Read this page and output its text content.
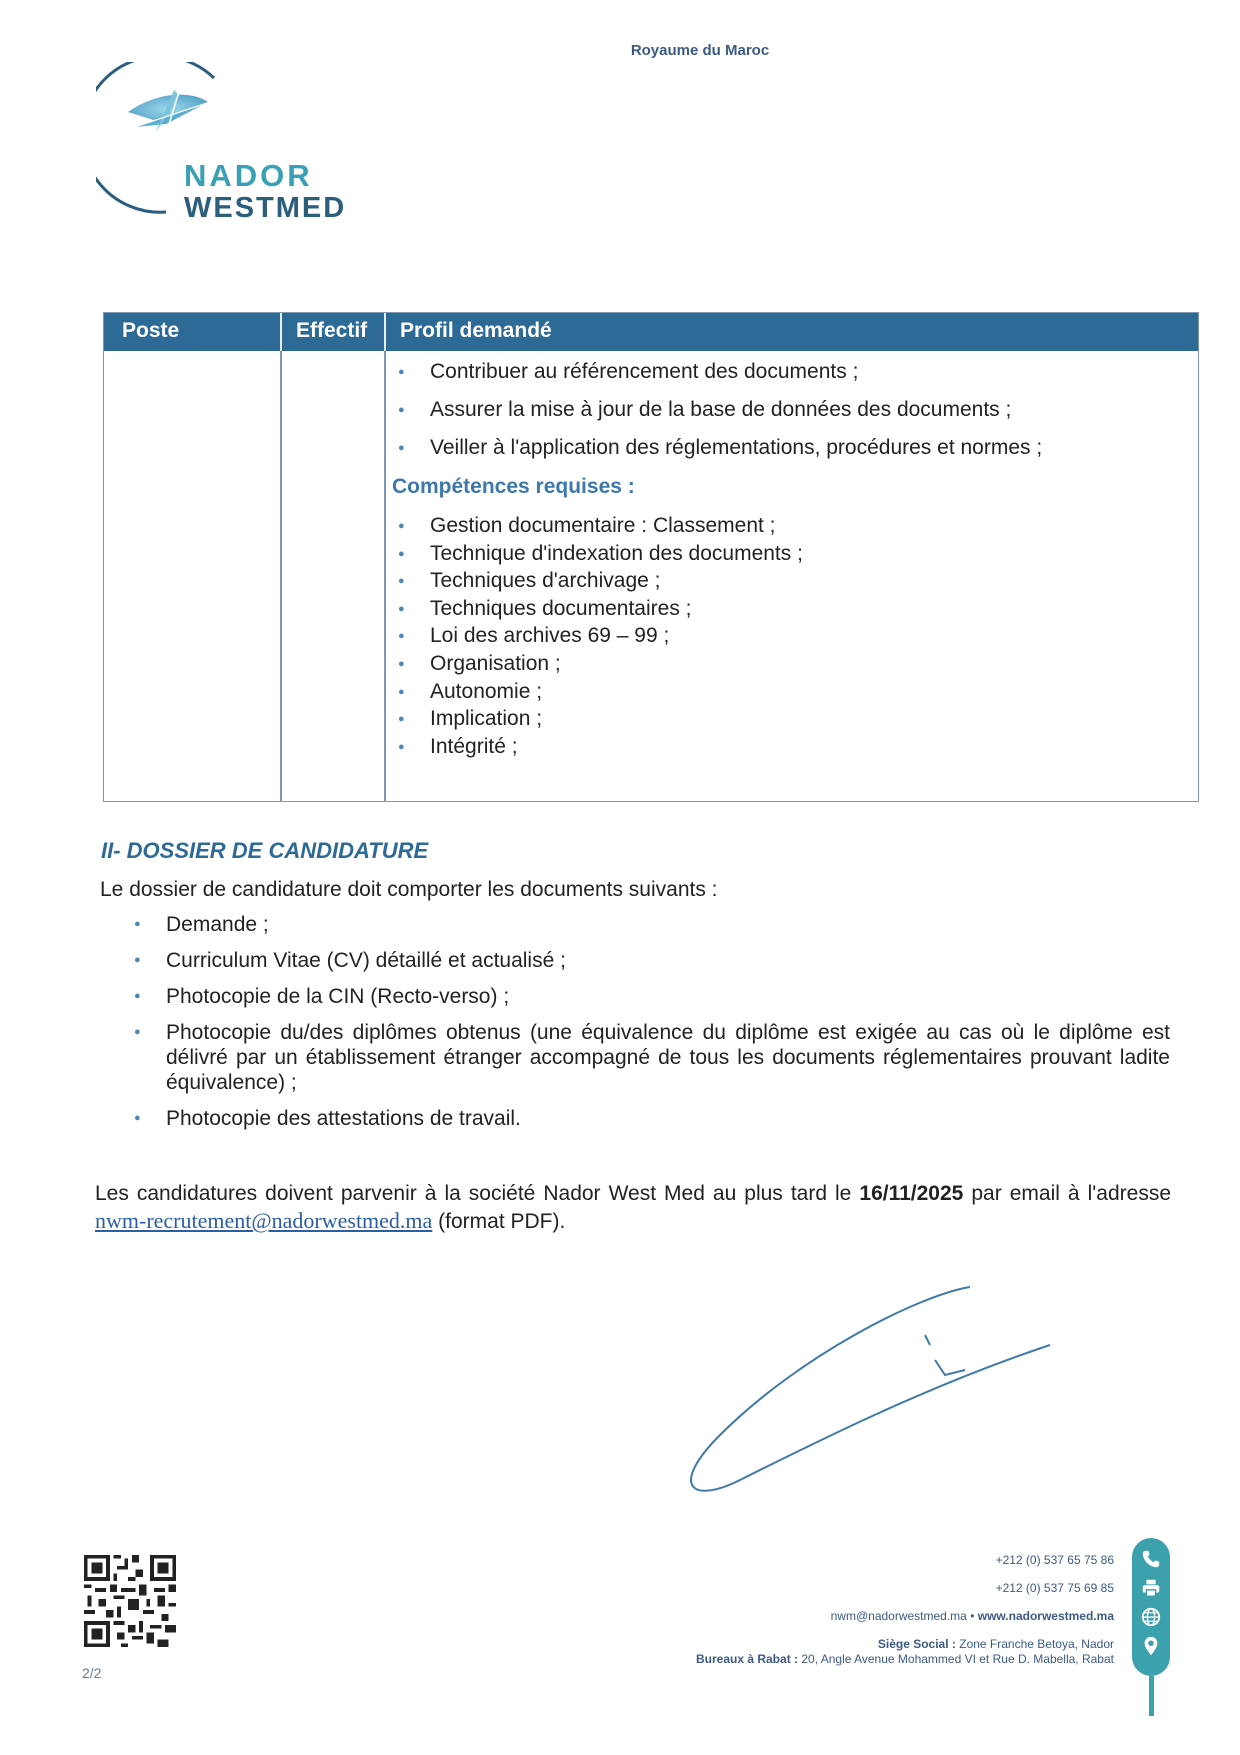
Royaume du Maroc
NADOR
WESTMED
Poste	Effectif Profil demandé
● Contribuer au référencement des documents ;
● Assurer la mise à jour de la base de données des documents ;
● Veiller à l'application des réglementations, procédures et normes ;
Compétences requises :
● Gestion documentaire : Classement ;
● Technique d'indexation des documents ;
● Techniques d'archivage ;
● Techniques documentaires ;
● Loi des archives 69 – 99 ;
● Organisation ;
● Autonomie ;
● Implication ;
● Intégrité ;
II- DOSSIER DE CANDIDATURE
Le dossier de candidature doit comporter les documents suivants :
● Demande ;
● Curriculum Vitae (CV) détaillé et actualisé ;
● Photocopie de la CIN (Recto-verso) ;
● Photocopie du/des diplômes obtenus (une équivalence du diplôme est exigée au cas où le diplôme est délivré par un établissement étranger accompagné de tous les documents réglementaires prouvant ladite équivalence) ;
● Photocopie des attestations de travail.
Les candidatures doivent parvenir à la société Nador West Med au plus tard le 16/11/2025 par email à l'adresse nwm-recrutement@nadorwestmed.ma (format PDF).
2/2
+212 (0) 537 65 75 86
+212 (0) 537 75 69 85
nwm@nadorwestmed.ma • www.nadorwestmed.ma
Siège Social : Zone Franche Betoya, Nador
Bureaux à Rabat : 20, Angle Avenue Mohammed VI et Rue D. Mabella, Rabat
